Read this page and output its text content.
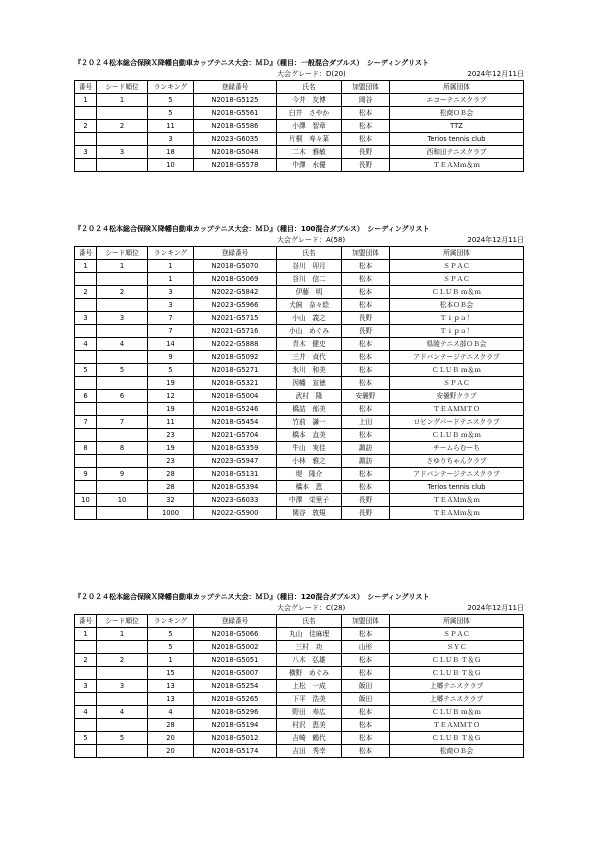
『２０２４松本総合保険Ｘ降幡自動車カップテニス大会：ＭＤ』（種目：一般混合ダブルス）　シーディングリスト
大会グレード：D(20)	2024年12月11日
番号	シード順位	ランキング	登録番号	氏名	加盟団体	所属団体
1	1	5	N2018-G5125	今井　友博	岡谷	エコーテニスクラブ
		5	N2018-G5561	臼井　さやか	松本	松商ＯＢ会
2	2	11	N2018-G5586	小澤　智章	松本	TTZ
		3	N2023-G6035	片桐　寿々菜	松本	Terios tennis club
3	3	18	N2018-G5048	二木　雅敏	長野	西和田テニスクラブ
		10	N2018-G5578	中澤　水優	長野	ＴＥＡＭｍ＆ｍ
『２０２４松本総合保険Ｘ降幡自動車カップテニス大会：ＭＤ』（種目：100混合ダブルス）　シーディングリスト
大会グレード：A(58)	2024年12月11日
番号	シード順位	ランキング	登録番号	氏名	加盟団体	所属団体
1	1	1	N2018-G5070	谷川　卯月	松本	ＳＰＡＣ
		1	N2018-G5069	谷川　信二	松本	ＳＰＡＣ
2	2	3	N2022-G5842	伊藤　明	松本	ＣＬＵＢ ｍ＆ｍ
		3	N2023-G5966	犬飼　奈々絵	松本	松本ＯＢ会
3	3	7	N2021-G5715	小山　義之	長野	Ｔｉｐａ！
		7	N2021-G5716	小山　めぐみ	長野	Ｔｉｐａ！
4	4	14	N2022-G5888	青木　健史	松本	県陵テニス部ＯＢ会
		9	N2018-G5092	三井　貞代	松本	アドバンテージテニスクラブ
5	5	5	N2018-G5271	氷川　和美	松本	ＣＬＵＢ ｍ＆ｍ
		19	N2018-G5321	因幡　宣徳	松本	ＳＰＡＣ
6	6	12	N2018-G5004	武村　隆	安曇野	安曇野クラブ
		19	N2018-G5246	橋詰　郁美	松本	ＴＥＡＭＭＴＯ
7	7	11	N2018-G5454	竹前　謙一	上田	ロビングバードテニスクラブ
		23	N2021-G5704	橋本　直美	松本	ＣＬＵＢ ｍ＆ｍ
8	8	19	N2018-G5359	牛山　実佳	諏訪	チームらむーち
		23	N2023-G5947	小林　雅之	諏訪	さゆりちゃんクラブ
9	9	28	N2018-G5131	堤　隆介	松本	アドバンテージテニスクラブ
		28	N2018-G5394	橋本　恵	松本	Terios tennis club
10	10	32	N2023-G6033	中澤　栄里子	長野	ＴＥＡＭｍ＆ｍ
		1000	N2022-G5900	関谷　敦規	長野	ＴＥＡＭｍ＆ｍ
『２０２４松本総合保険Ｘ降幡自動車カップテニス大会：ＭＤ』（種目：120混合ダブルス）　シーディングリスト
大会グレード：C(28)	2024年12月11日
番号	シード順位	ランキング	登録番号	氏名	加盟団体	所属団体
1	1	5	N2018-G5066	丸山　佳麻理	松本	ＳＰＡＣ
		5	N2018-G5002	三村　功	山形	ＳＹＣ
2	2	1	N2018-G5051	八木　弘雄	松本	ＣＬＵＢ Ｔ＆Ｇ
		15	N2018-G5007	横野　めぐみ	松本	ＣＬＵＢ Ｔ＆Ｇ
3	3	13	N2018-G5254	上松　一成	飯田	上郷テニスクラブ
		13	N2018-G5265	下平　浩美	飯田	上郷テニスクラブ
4	4	4	N2018-G5296	野田　寿広	松本	ＣＬＵＢ ｍ＆ｍ
		28	N2018-G5194	村沢　恵美	松本	ＴＥＡＭＭＴＯ
5	5	20	N2018-G5012	吉崎　鶴代	松本	ＣＬＵＢ Ｔ＆Ｇ
		20	N2018-G5174	吉田　秀幸	松本	松商ＯＢ会
